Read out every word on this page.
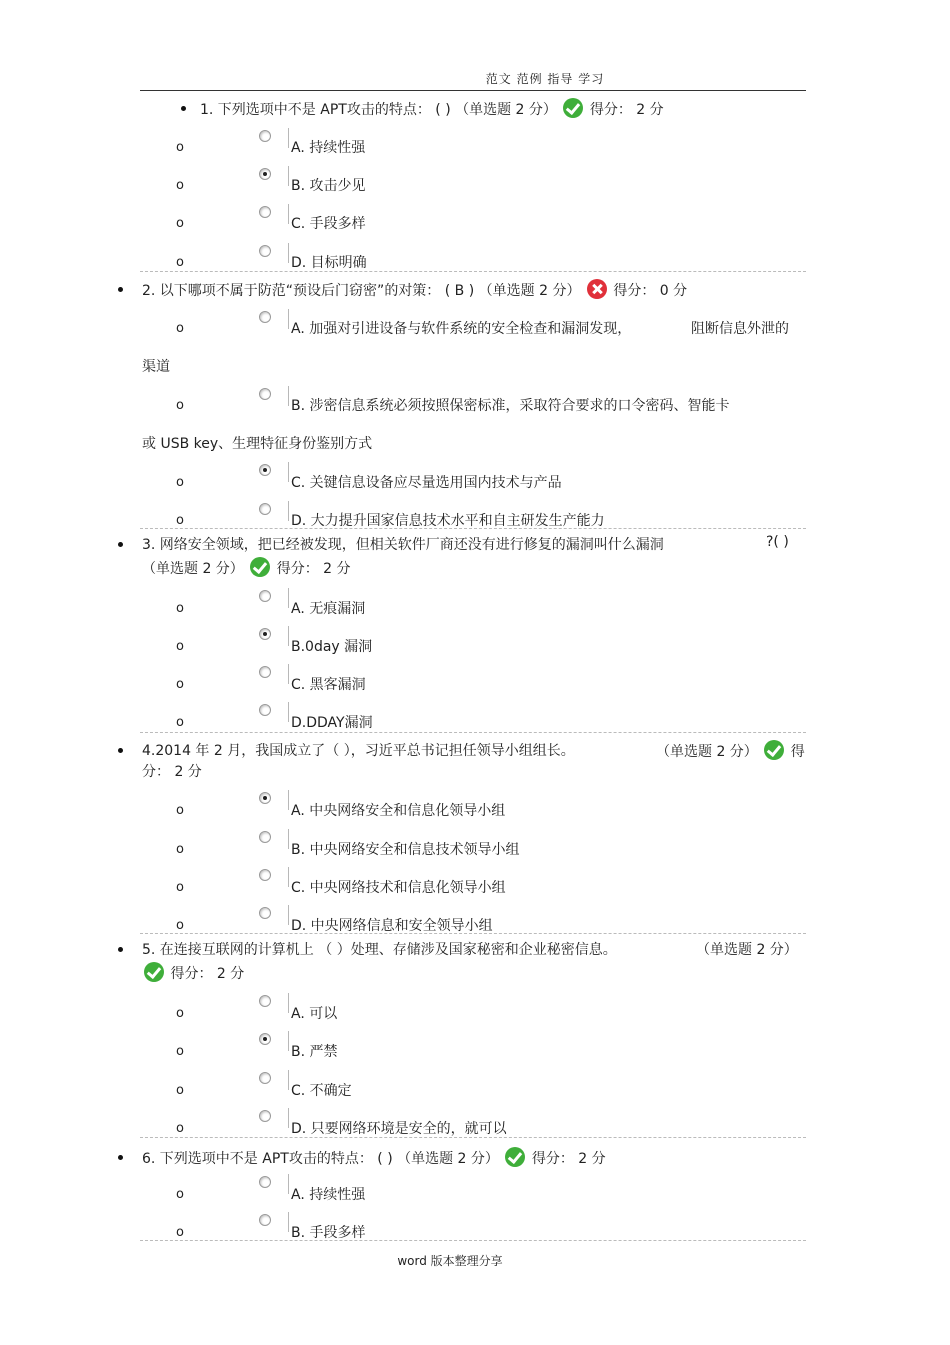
范文 范例 指导 学习
1. 下列选项中不是 APT攻击的特点： ( ) （单选题 2 分） 得分： 2 分
o	A. 持续性强
o	B. 攻击少见
o	C. 手段多样
o	D. 目标明确
2. 以下哪项不属于防范“预设后门窃密”的对策： ( B ) （单选题 2 分） 得分： 0 分
o	A. 加强对引进设备与软件系统的安全检查和漏洞发现，	阻断信息外泄的
渠道
o	B. 涉密信息系统必须按照保密标准，采取符合要求的口令密码、智能卡
或 USB key、生理特征身份鉴别方式
o	C. 关键信息设备应尽量选用国内技术与产品
o	D. 大力提升国家信息技术水平和自主研发生产能力
3. 网络安全领域，把已经被发现，但相关软件厂商还没有进行修复的漏洞叫什么漏洞	?( )
（单选题 2 分） 得分： 2 分
o	A. 无痕漏洞
o	B.0day 漏洞
o	C. 黑客漏洞
o	D.DDAY漏洞
4.2014 年 2 月，我国成立了（ ），习近平总书记担任领导小组组长。	（单选题 2 分） 得
分： 2 分
o	A. 中央网络安全和信息化领导小组
o	B. 中央网络安全和信息技术领导小组
o	C. 中央网络技术和信息化领导小组
o	D. 中央网络信息和安全领导小组
5. 在连接互联网的计算机上 （ ）处理、存储涉及国家秘密和企业秘密信息。	（单选题 2 分）
得分： 2 分
o	A. 可以
o	B. 严禁
o	C. 不确定
o	D. 只要网络环境是安全的，就可以
6. 下列选项中不是 APT攻击的特点： ( ) （单选题 2 分） 得分： 2 分
o	A. 持续性强
o	B. 手段多样
word 版本整理分享
